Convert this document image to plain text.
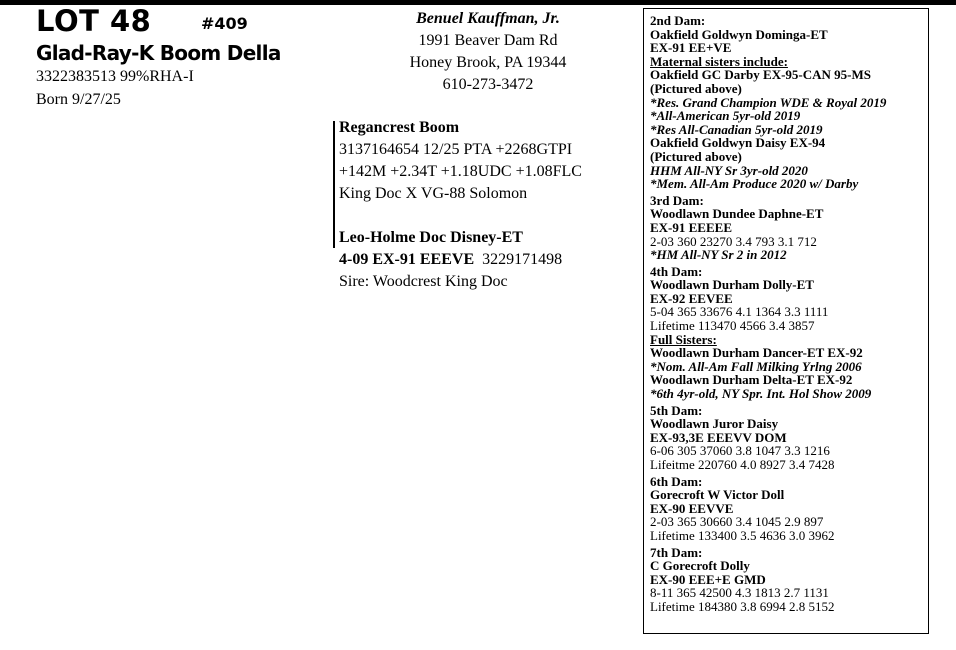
LOT 48	#409
Glad-Ray-K Boom Della
3322383513 99%RHA-I
Born 9/27/25
Benuel Kauffman, Jr.
1991 Beaver Dam Rd
Honey Brook, PA 19344
610-273-3472
Regancrest Boom
3137164654 12/25 PTA +2268GTPI
+142M +2.34T +1.18UDC +1.08FLC
King Doc X VG-88 Solomon
Leo-Holme Doc Disney-ET
4-09 EX-91 EEEVE 3229171498
Sire: Woodcrest King Doc
2nd Dam:
Oakfield Goldwyn Dominga-ET
EX-91 EE+VE
Maternal sisters include:
Oakfield GC Darby EX-95-CAN 95-MS
(Pictured above)
*Res. Grand Champion WDE & Royal 2019
*All-American 5yr-old 2019
*Res All-Canadian 5yr-old 2019
Oakfield Goldwyn Daisy EX-94
(Pictured above)
HHM All-NY Sr 3yr-old 2020
*Mem. All-Am Produce 2020 w/ Darby
3rd Dam:
Woodlawn Dundee Daphne-ET
EX-91 EEEEE
2-03 360 23270 3.4 793 3.1 712
*HM All-NY Sr 2 in 2012
4th Dam:
Woodlawn Durham Dolly-ET
EX-92 EEVEE
5-04 365 33676 4.1 1364 3.3 1111
Lifetime 113470 4566 3.4 3857
Full Sisters:
Woodlawn Durham Dancer-ET EX-92
*Nom. All-Am Fall Milking Yrlng 2006
Woodlawn Durham Delta-ET EX-92
*6th 4yr-old, NY Spr. Int. Hol Show 2009
5th Dam:
Woodlawn Juror Daisy
EX-93,3E EEEVV DOM
6-06 305 37060 3.8 1047 3.3 1216
Lifeitme 220760 4.0 8927 3.4 7428
6th Dam:
Gorecroft W Victor Doll
EX-90 EEVVE
2-03 365 30660 3.4 1045 2.9 897
Lifetime 133400 3.5 4636 3.0 3962
7th Dam:
C Gorecroft Dolly
EX-90 EEE+E GMD
8-11 365 42500 4.3 1813 2.7 1131
Lifetime 184380 3.8 6994 2.8 5152
